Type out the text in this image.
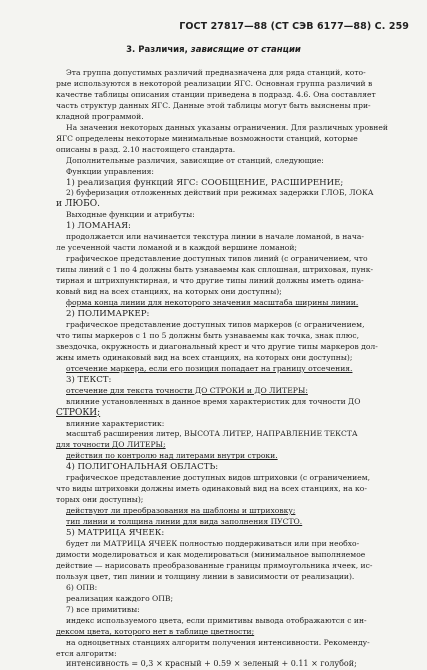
ГОСТ 27817—88 (СТ СЭВ 6177—88) С. 259
3. Различия, зависящие от станции

Эта группа допустимых различий предназначена для ряда станций, кото-

рые используются в некоторой реализации ЯГС. Основная группа различий в

качестве таблицы описания станции приведена в подразд. 4.6. Она составляет

часть структур данных ЯГС. Данные этой таблицы могут быть выяснены при-

кладной программой.

На значения некоторых данных указаны ограничения. Для различных уровней

ЯГС определены некоторые минимальные возможности станций, которые

описаны в разд. 2.10 настоящего стандарта.

Дополнительные различия, зависящие от станций, следующие:

Функции управления:

1) реализация функций ЯГС: СООБЩЕНИЕ, РАСШИРЕНИЕ;

2) буферизация отложенных действий при режимах задержки ГЛОБ, ЛОКА

и ЛЮБО.

Выходные функции и атрибуты:

1) ЛОМАНАЯ:

продолжается или начинается текстура линии в начале ломаной, в нача-

ле усеченной части ломаной и в каждой вершине ломаной;

графическое представление доступных типов линий (с ограничением, что

типы линий с 1 по 4 должны быть узнаваемы как сплошная, штриховая, пунк-

тирная и штрихпунктирная, и что другие типы линий должны иметь одина-

ковый вид на всех станциях, на которых они доступны);

форма конца линии для некоторого значения масштаба ширины линии.

2) ПОЛИМАРКЕР:

графическое представление доступных типов маркеров (с ограничением,

что типы маркеров с 1 по 5 должны быть узнаваемы как точка, знак плюс,

звездочка, окружность и диагональный крест и что другие типы маркеров дол-

жны иметь одинаковый вид на всех станциях, на которых они доступны);

отсечение маркера, если его позиция попадает на границу отсечения.

3) ТЕКСТ:

отсечение для текста точности ДО СТРОКИ и ДО ЛИТЕРЫ:

влияние установленных в данное время характеристик для точности ДО

СТРОКИ;

влияние характеристик:

масштаб расширения литер, ВЫСОТА ЛИТЕР, НАПРАВЛЕНИЕ ТЕКСТА

для точности ДО ЛИТЕРЫ;

действия по контролю над литерами внутри строки.

4) ПОЛИГОНАЛЬНАЯ ОБЛАСТЬ:

графическое представление доступных видов штриховки (с ограничением,

что виды штриховки должны иметь одинаковый вид на всех станциях, на ко-

торых они доступны);

действуют ли преобразования на шаблоны и штриховку;

тип линии и толщина линии для вида заполнения ПУСТО.

5) МАТРИЦА ЯЧЕЕК:

будет ли МАТРИЦА ЯЧЕЕК полностью поддерживаться или при необхо-

димости моделироваться и как моделироваться (минимальное выполняемое

действие — нарисовать преобразованные границы прямоугольника ячеек, ис-

пользуя цвет, тип линии и толщину линии в зависимости от реализации).

6) ОПВ:

реализация каждого ОПВ;

7) все примитивы:

индекс используемого цвета, если примитивы вывода отображаются с ин-

дексом цвета, которого нет в таблице цветности;

на одноцветных станциях алгоритм получения интенсивности. Рекоменду-

ется алгоритм:

интенсивность = 0,3 × красный + 0.59 × зеленый + 0.11 × голубой;
